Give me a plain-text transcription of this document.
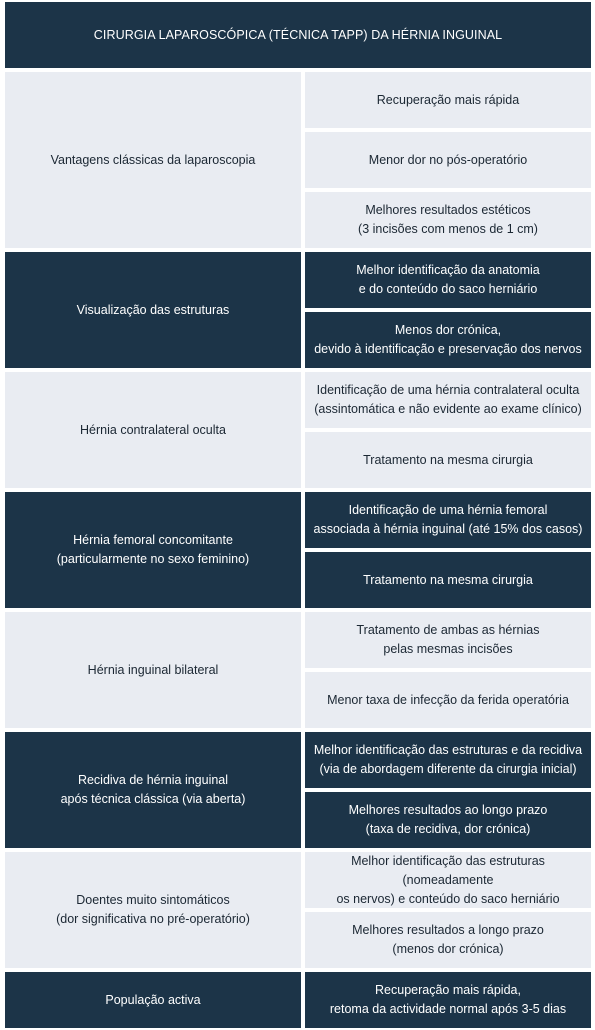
CIRURGIA LAPAROSCÓPICA (TÉCNICA TAPP) DA HÉRNIA INGUINAL
Vantagens clássicas da laparoscopia
Recuperação mais rápida
Menor dor no pós-operatório
Melhores resultados estéticos
(3 incisões com menos de 1 cm)
Visualização das estruturas
Melhor identificação da anatomia
e do conteúdo do saco herniário
Menos dor crónica,
devido à identificação e preservação dos nervos
Hérnia contralateral oculta
Identificação de uma hérnia contralateral oculta
(assintomática e não evidente ao exame clínico)
Tratamento na mesma cirurgia
Hérnia femoral concomitante
(particularmente no sexo feminino)
Identificação de uma hérnia femoral
associada à hérnia inguinal (até 15% dos casos)
Tratamento na mesma cirurgia
Hérnia inguinal bilateral
Tratamento de ambas as hérnias
pelas mesmas incisões
Menor taxa de infecção da ferida operatória
Recidiva de hérnia inguinal
após técnica clássica (via aberta)
Melhor identificação das estruturas e da recidiva
(via de abordagem diferente da cirurgia inicial)
Melhores resultados ao longo prazo
(taxa de recidiva, dor crónica)
Doentes muito sintomáticos
(dor significativa no pré-operatório)
Melhor identificação das estruturas (nomeadamente
os nervos) e conteúdo do saco herniário
Melhores resultados a longo prazo
(menos dor crónica)
População activa
Recuperação mais rápida,
retoma da actividade normal após 3-5 dias
